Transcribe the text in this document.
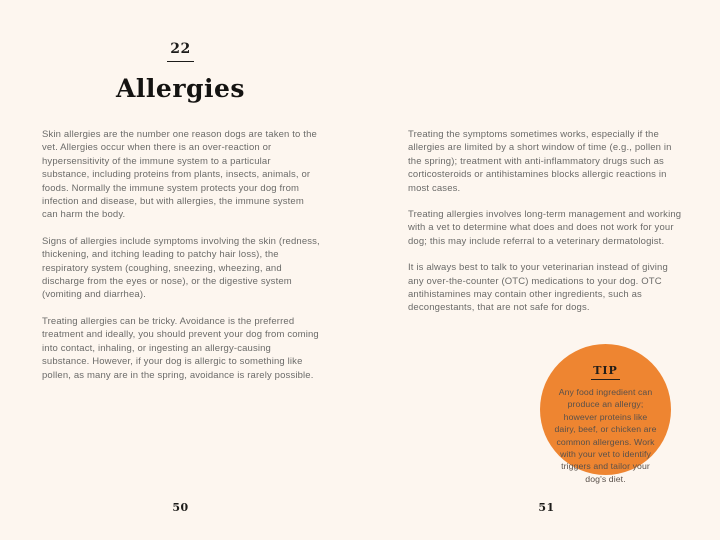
22
Allergies

Skin allergies are the number one reason dogs are taken to the vet. Allergies occur when there is an over-reaction or hypersensitivity of the immune system to a particular substance, including proteins from plants, insects, animals, or foods. Normally the immune system protects your dog from infection and disease, but with allergies, the immune system can harm the body.

Signs of allergies include symptoms involving the skin (redness, thickening, and itching leading to patchy hair loss), the respiratory system (coughing, sneezing, wheezing, and discharge from the eyes or nose), or the digestive system (vomiting and diarrhea).

Treating allergies can be tricky. Avoidance is the preferred treatment and ideally, you should prevent your dog from coming into contact, inhaling, or ingesting an allergy-causing substance. However, if your dog is allergic to something like pollen, as many are in the spring, avoidance is rarely possible.

Treating the symptoms sometimes works, especially if the allergies are limited by a short window of time (e.g., pollen in the spring); treatment with anti-inflammatory drugs such as corticosteroids or antihistamines blocks allergic reactions in most cases.

Treating allergies involves long-term management and working with a vet to determine what does and does not work for your dog; this may include referral to a veterinary dermatologist.

It is always best to talk to your veterinarian instead of giving any over-the-counter (OTC) medications to your dog. OTC antihistamines may contain other ingredients, such as decongestants, that are not safe for dogs.

TIP
Any food ingredient can produce an allergy; however proteins like dairy, beef, or chicken are common allergens. Work with your vet to identify triggers and tailor your dog's diet.
50	51
